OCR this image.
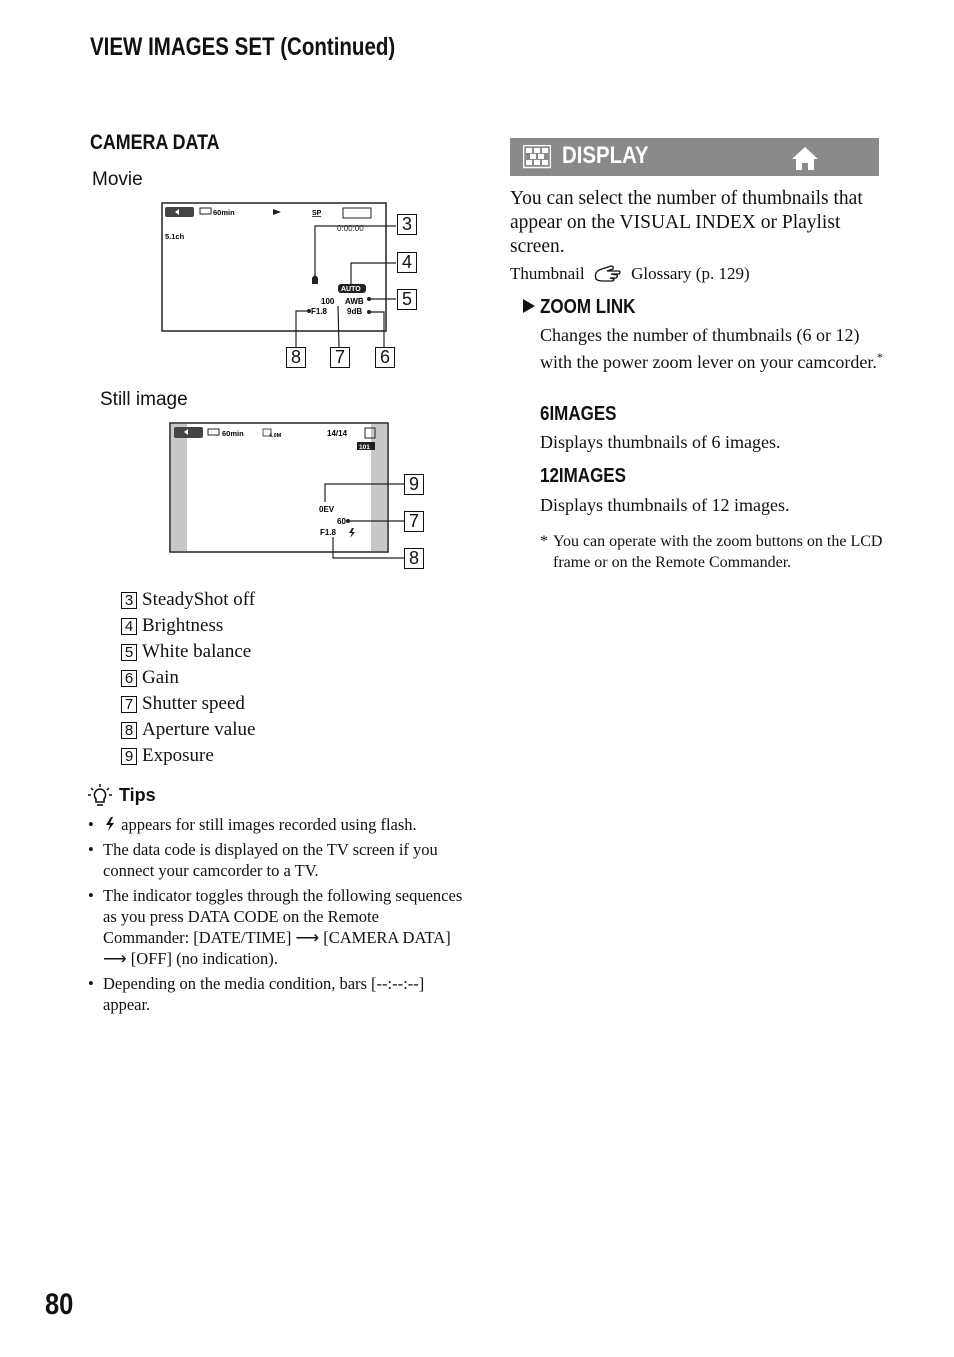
VIEW IMAGES SET (Continued)
CAMERA DATA
Movie
60min	SP
5.1ch
0:00:00
AUTO
100 AWB
F1.8 9dB
3
4
5
8 7 6
Still image
60min	4.0M	14/14
101
0EV
60
F1.8
9
7
8
3 SteadyShot off
4 Brightness
5 White balance
6 Gain
7 Shutter speed
8 Aperture value
9 Exposure
Tips
•	appears for still images recorded using flash.
• The data code is displayed on the TV screen if you connect your camcorder to a TV.
• The indicator toggles through the following sequences as you press DATA CODE on the Remote Commander: [DATE/TIME] ⟶ [CAMERA DATA] ⟶ [OFF] (no indication).
• Depending on the media condition, bars [--:--:--] appear.
DISPLAY
You can select the number of thumbnails that appear on the VISUAL INDEX or Playlist screen.
Thumbnail	Glossary (p. 129)
ZOOM LINK
Changes the number of thumbnails (6 or 12) with the power zoom lever on your camcorder.*
6IMAGES
Displays thumbnails of 6 images.
12IMAGES
Displays thumbnails of 12 images.
* You can operate with the zoom buttons on the LCD frame or on the Remote Commander.
80
